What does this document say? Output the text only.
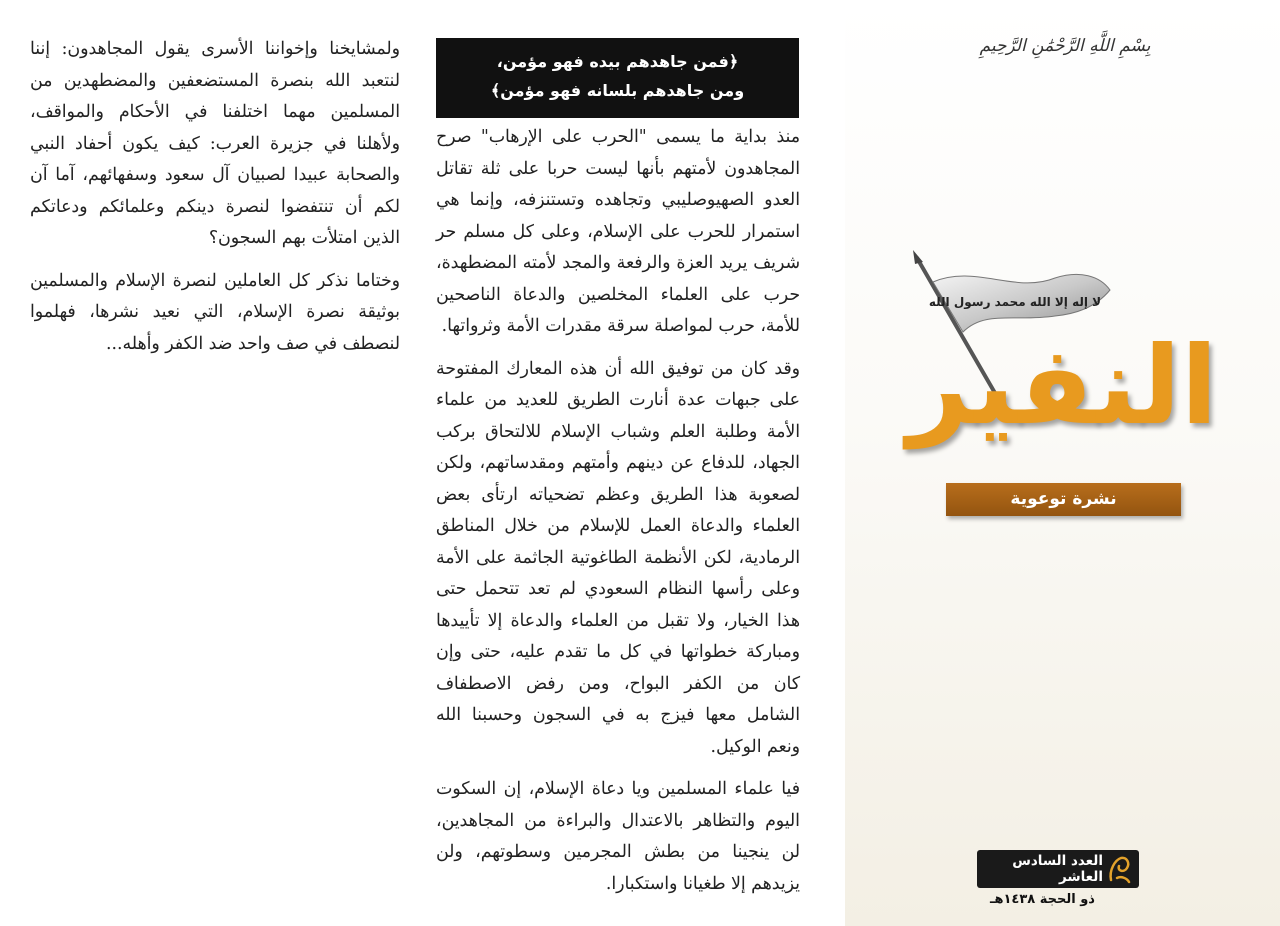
ولمشايخنا وإخواننا الأسرى يقول المجاهدون: إننا لنتعبد الله بنصرة المستضعفين والمضطهدين من المسلمين مهما اختلفنا في الأحكام والمواقف، ولأهلنا في جزيرة العرب: كيف يكون أحفاد النبي والصحابة عبيدا لصبيان آل سعود وسفهائهم، آما آن لكم أن تنتفضوا لنصرة دينكم وعلمائكم ودعاتكم الذين امتلأت بهم السجون؟

وختاما نذكر كل العاملين لنصرة الإسلام والمسلمين بوثيقة نصرة الإسلام، التي نعيد نشرها، فهلموا لنصطف في صف واحد ضد الكفر وأهله...

﴿فمن جاهدهم بيده فهو مؤمن،
ومن جاهدهم بلسانه فهو مؤمن﴾

منذ بداية ما يسمى "الحرب على الإرهاب" صرح المجاهدون لأمتهم بأنها ليست حربا على ثلة تقاتل العدو الصهيوصليبي وتجاهده وتستنزفه، وإنما هي استمرار للحرب على الإسلام، وعلى كل مسلم حر شريف يريد العزة والرفعة والمجد لأمته المضطهدة، حرب على العلماء المخلصين والدعاة الناصحين للأمة، حرب لمواصلة سرقة مقدرات الأمة وثرواتها.

وقد كان من توفيق الله أن هذه المعارك المفتوحة على جبهات عدة أنارت الطريق للعديد من علماء الأمة وطلبة العلم وشباب الإسلام للالتحاق بركب الجهاد، للدفاع عن دينهم وأمتهم ومقدساتهم، ولكن لصعوبة هذا الطريق وعظم تضحياته ارتأى بعض العلماء والدعاة العمل للإسلام من خلال المناطق الرمادية، لكن الأنظمة الطاغوتية الجاثمة على الأمة وعلى رأسها النظام السعودي لم تعد تتحمل حتى هذا الخيار، ولا تقبل من العلماء والدعاة إلا تأييدها ومباركة خطواتها في كل ما تقدم عليه، حتى وإن كان من الكفر البواح، ومن رفض الاصطفاف الشامل معها فيزج به في السجون وحسبنا الله ونعم الوكيل.

فيا علماء المسلمين ويا دعاة الإسلام، إن السكوت اليوم والتظاهر بالاعتدال والبراءة من المجاهدين، لن ينجينا من بطش المجرمين وسطوتهم، ولن يزيدهم إلا طغيانا واستكبارا.

بِسْمِ اللَّهِ الرَّحْمَٰنِ الرَّحِيمِ
لا إله إلا الله محمد رسول الله
النفير
نشرة توعوية
العدد السادس العاشر
ذو الحجة ١٤٣٨هـ
